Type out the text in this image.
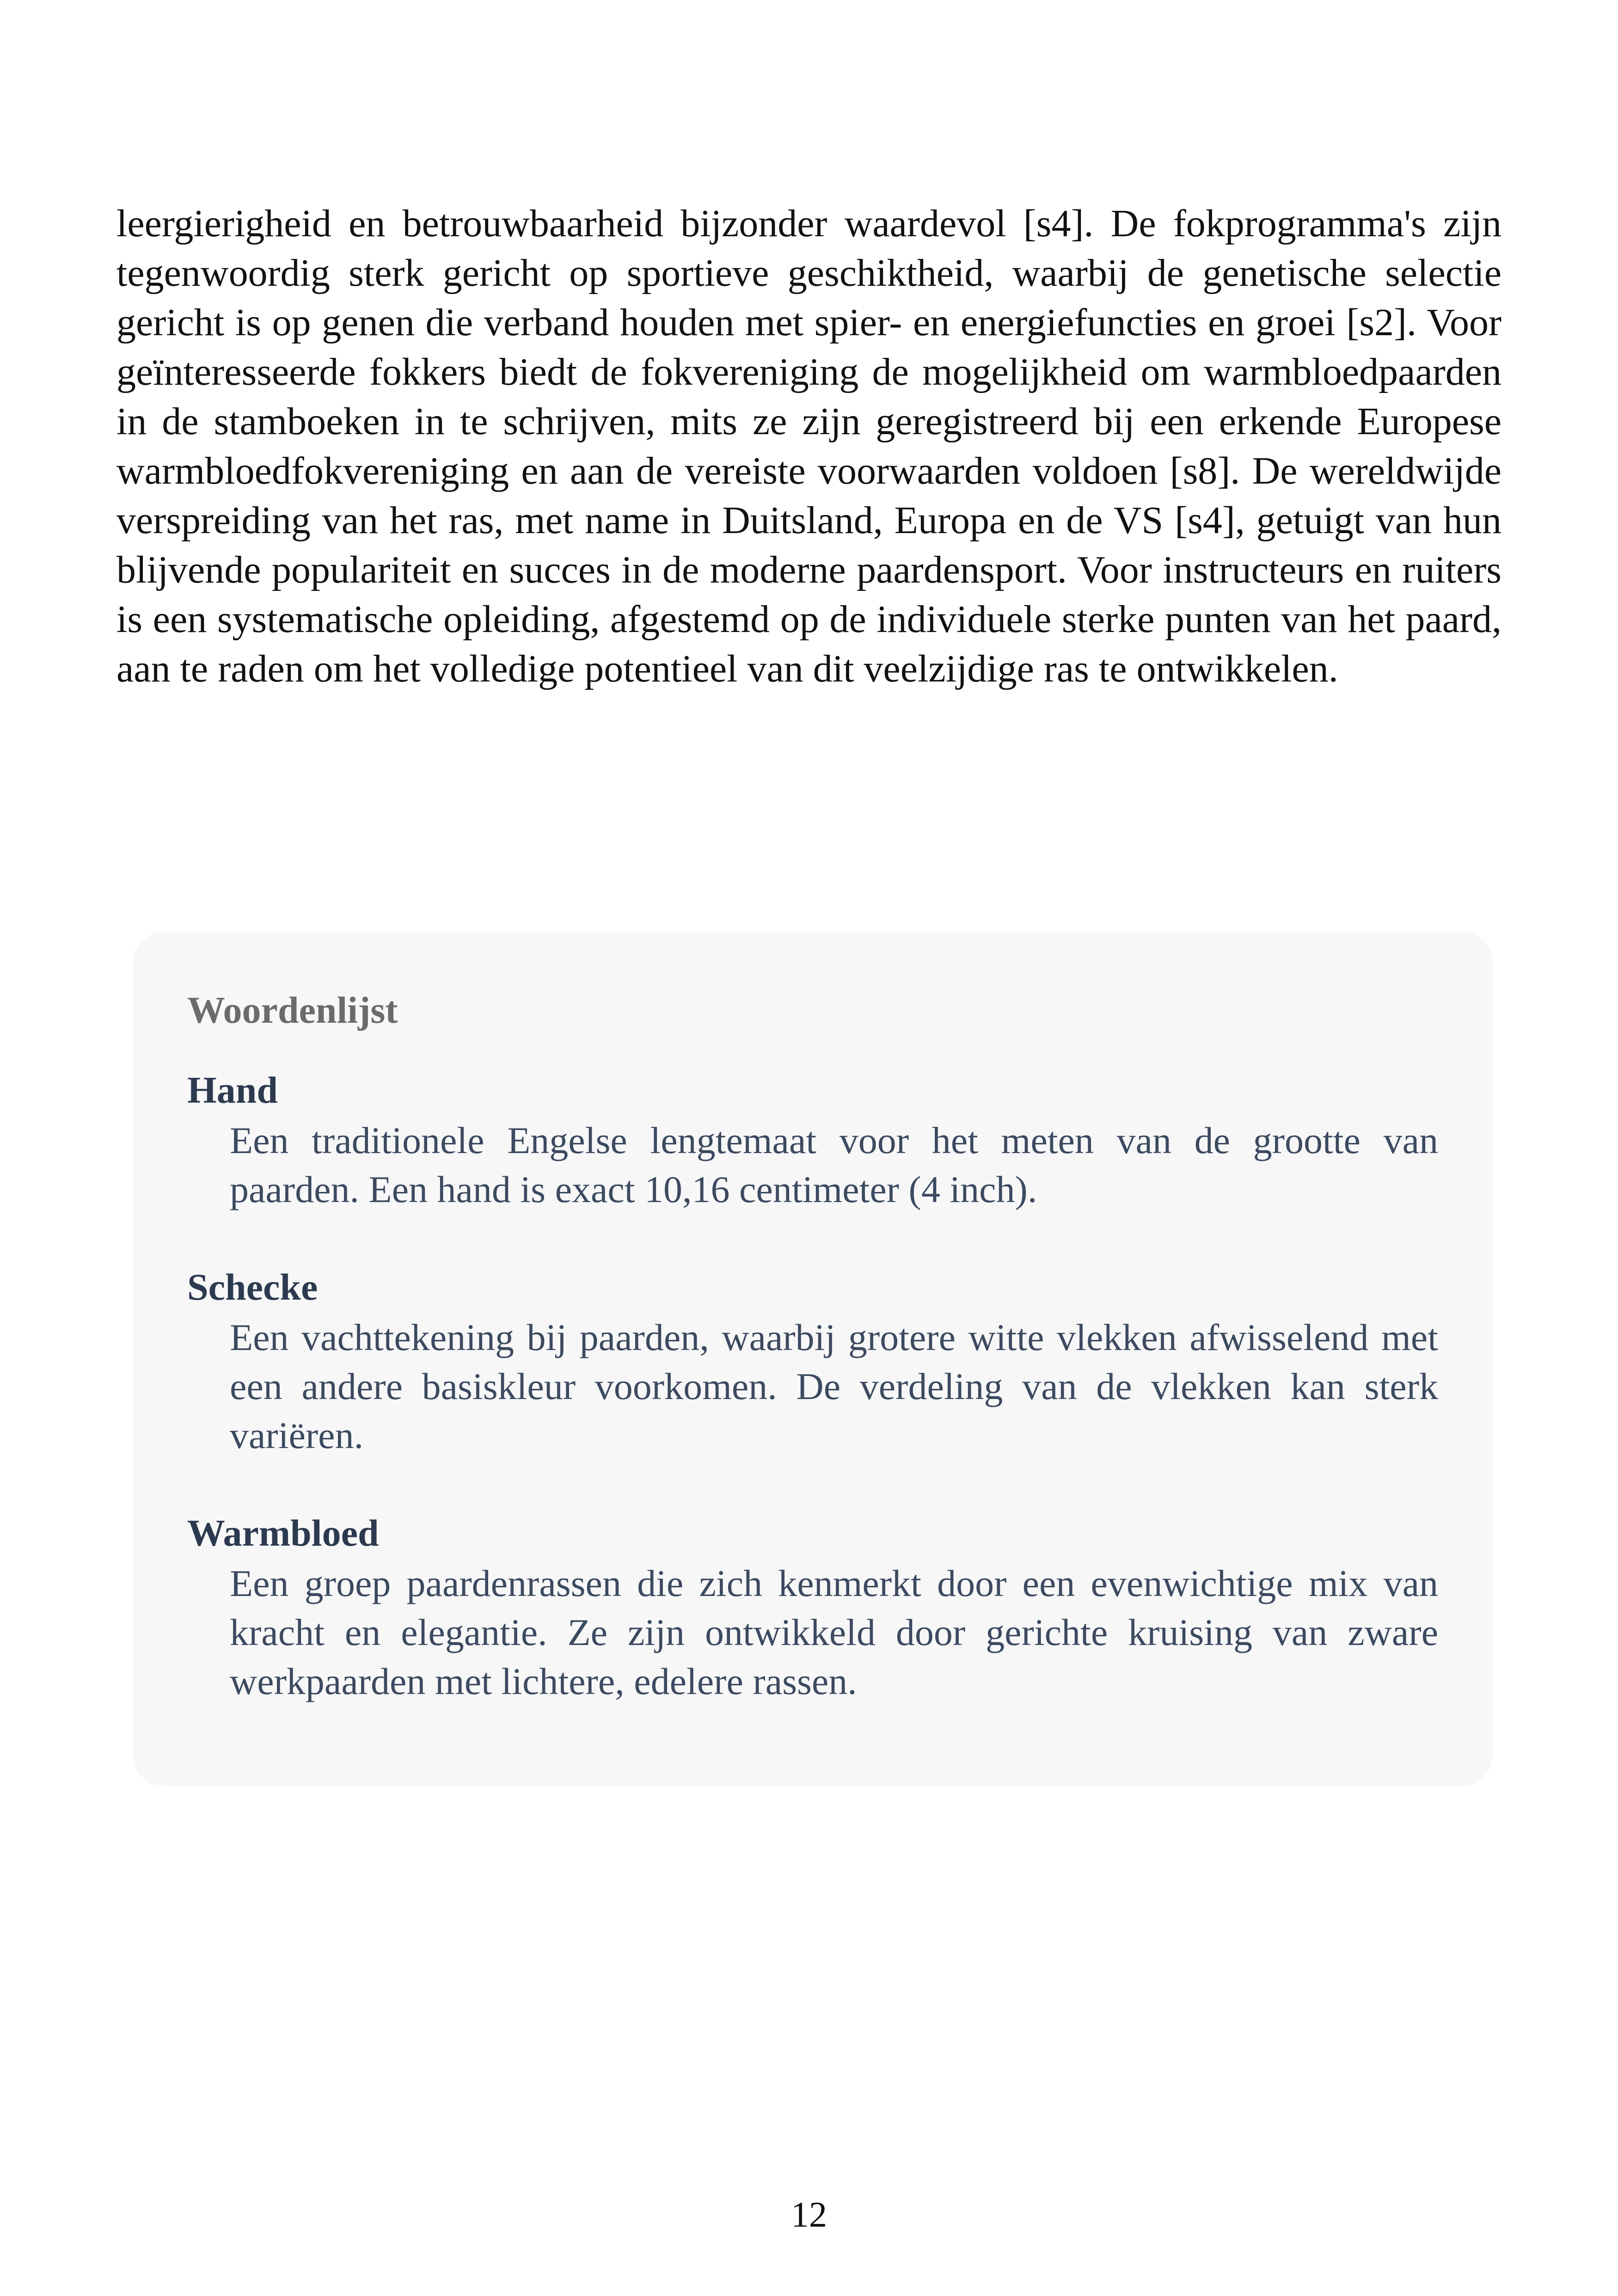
leergierigheid en betrouwbaarheid bijzonder waardevol [s4]. De fokprogramma's zijn tegenwoordig sterk gericht op sportieve geschiktheid, waarbij de genetische selectie gericht is op genen die verband houden met spier- en energiefuncties en groei [s2]. Voor geïnteresseerde fokkers biedt de fokvereniging de mogelijkheid om warmbloedpaarden in de stamboeken in te schrijven, mits ze zijn geregistreerd bij een erkende Europese warmbloedfokvereniging en aan de vereiste voorwaarden voldoen [s8]. De wereldwijde verspreiding van het ras, met name in Duitsland, Europa en de VS [s4], getuigt van hun blijvende populariteit en succes in de moderne paardensport. Voor instructeurs en ruiters is een systematische opleiding, afgestemd op de individuele sterke punten van het paard, aan te raden om het volledige potentieel van dit veelzijdige ras te ontwikkelen.

Woordenlijst
Hand
Een traditionele Engelse lengtemaat voor het meten van de grootte van paarden. Een hand is exact 10,16 centimeter (4 inch).
Schecke
Een vachttekening bij paarden, waarbij grotere witte vlekken afwisselend met een andere basiskleur voorkomen. De verdeling van de vlekken kan sterk variëren.
Warmbloed
Een groep paardenrassen die zich kenmerkt door een evenwichtige mix van kracht en elegantie. Ze zijn ontwikkeld door gerichte kruising van zware werkpaarden met lichtere, edelere rassen.
12
